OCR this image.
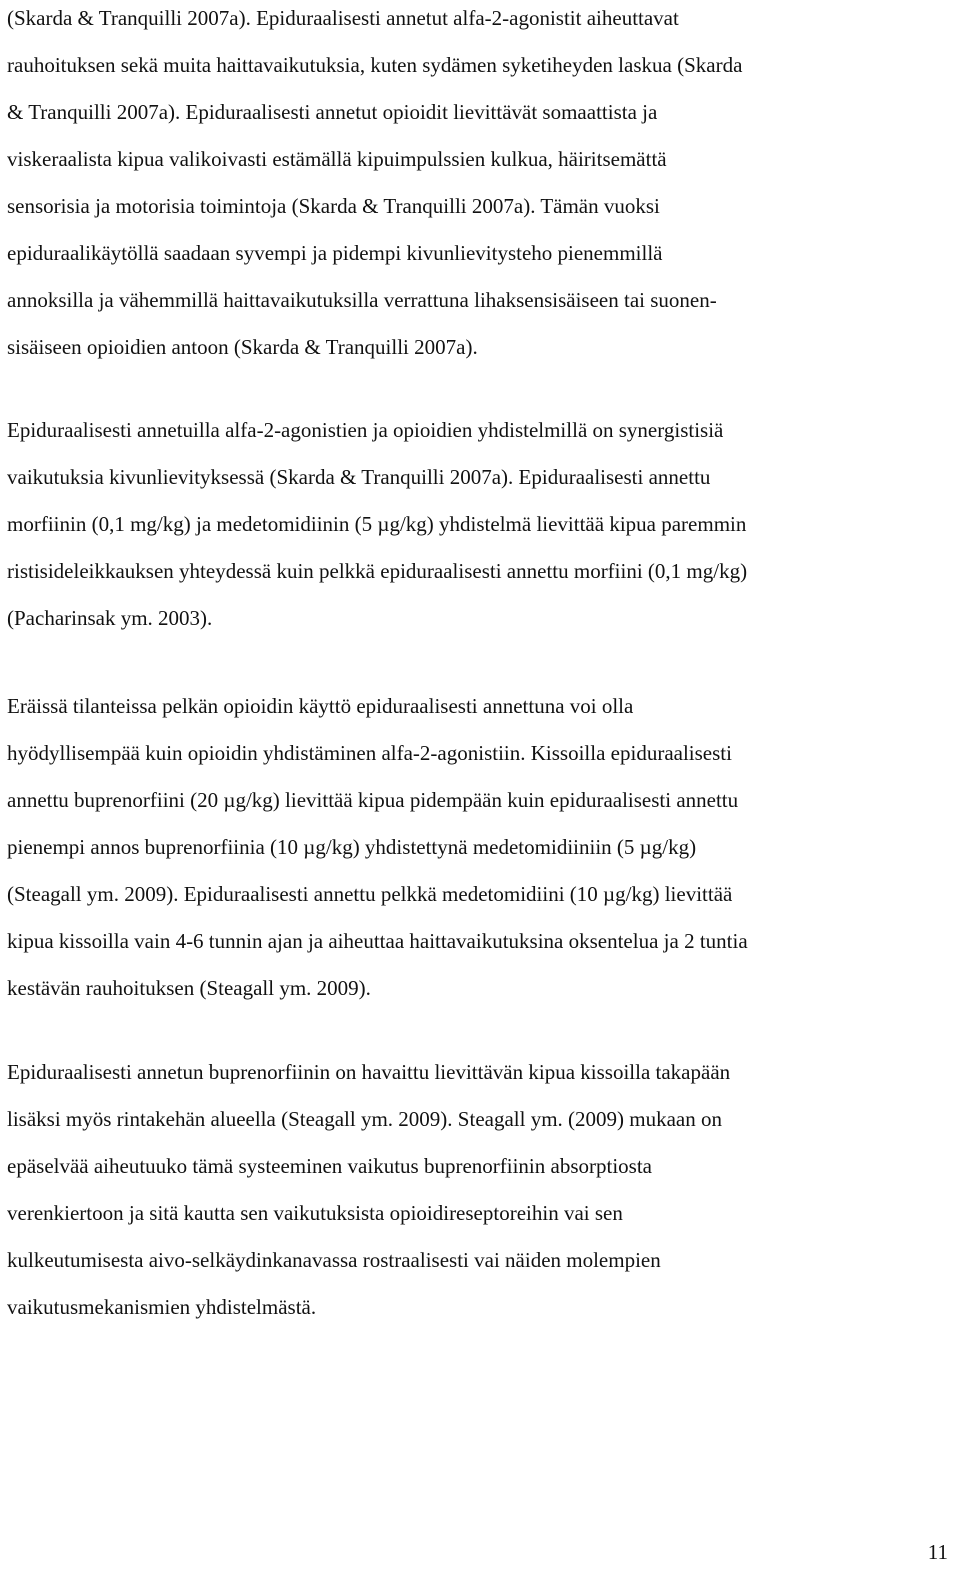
(Skarda & Tranquilli 2007a). Epiduraalisesti annetut alfa-2-agonistit aiheuttavat
rauhoituksen sekä muita haittavaikutuksia, kuten sydämen syketiheyden laskua (Skarda
& Tranquilli 2007a). Epiduraalisesti annetut opioidit lievittävät somaattista ja
viskeraalista kipua valikoivasti estämällä kipuimpulssien kulkua, häiritsemättä
sensorisia ja motorisia toimintoja (Skarda & Tranquilli 2007a). Tämän vuoksi
epiduraalikäytöllä saadaan syvempi ja pidempi kivunlievitysteho pienemmillä
annoksilla ja vähemmillä haittavaikutuksilla verrattuna lihaksensisäiseen tai suonen-
sisäiseen opioidien antoon (Skarda & Tranquilli 2007a).

Epiduraalisesti annetuilla alfa-2-agonistien ja opioidien yhdistelmillä on synergistisiä
vaikutuksia kivunlievityksessä (Skarda & Tranquilli 2007a). Epiduraalisesti annettu
morfiinin (0,1 mg/kg) ja medetomidiinin (5 µg/kg) yhdistelmä lievittää kipua paremmin
ristisideleikkauksen yhteydessä kuin pelkkä epiduraalisesti annettu morfiini (0,1 mg/kg)
(Pacharinsak ym. 2003).

Eräissä tilanteissa pelkän opioidin käyttö epiduraalisesti annettuna voi olla
hyödyllisempää kuin opioidin yhdistäminen alfa-2-agonistiin. Kissoilla epiduraalisesti
annettu buprenorfiini (20 µg/kg) lievittää kipua pidempään kuin epiduraalisesti annettu
pienempi annos buprenorfiinia (10 µg/kg) yhdistettynä medetomidiiniin (5 µg/kg)
(Steagall ym. 2009). Epiduraalisesti annettu pelkkä medetomidiini (10 µg/kg) lievittää
kipua kissoilla vain 4-6 tunnin ajan ja aiheuttaa haittavaikutuksina oksentelua ja 2 tuntia
kestävän rauhoituksen (Steagall ym. 2009).

Epiduraalisesti annetun buprenorfiinin on havaittu lievittävän kipua kissoilla takapään
lisäksi myös rintakehän alueella (Steagall ym. 2009). Steagall ym. (2009) mukaan on
epäselvää aiheutuuko tämä systeeminen vaikutus buprenorfiinin absorptiosta
verenkiertoon ja sitä kautta sen vaikutuksista opioidireseptoreihin vai sen
kulkeutumisesta aivo-selkäydinkanavassa rostraalisesti vai näiden molempien
vaikutusmekanismien yhdistelmästä.

11
